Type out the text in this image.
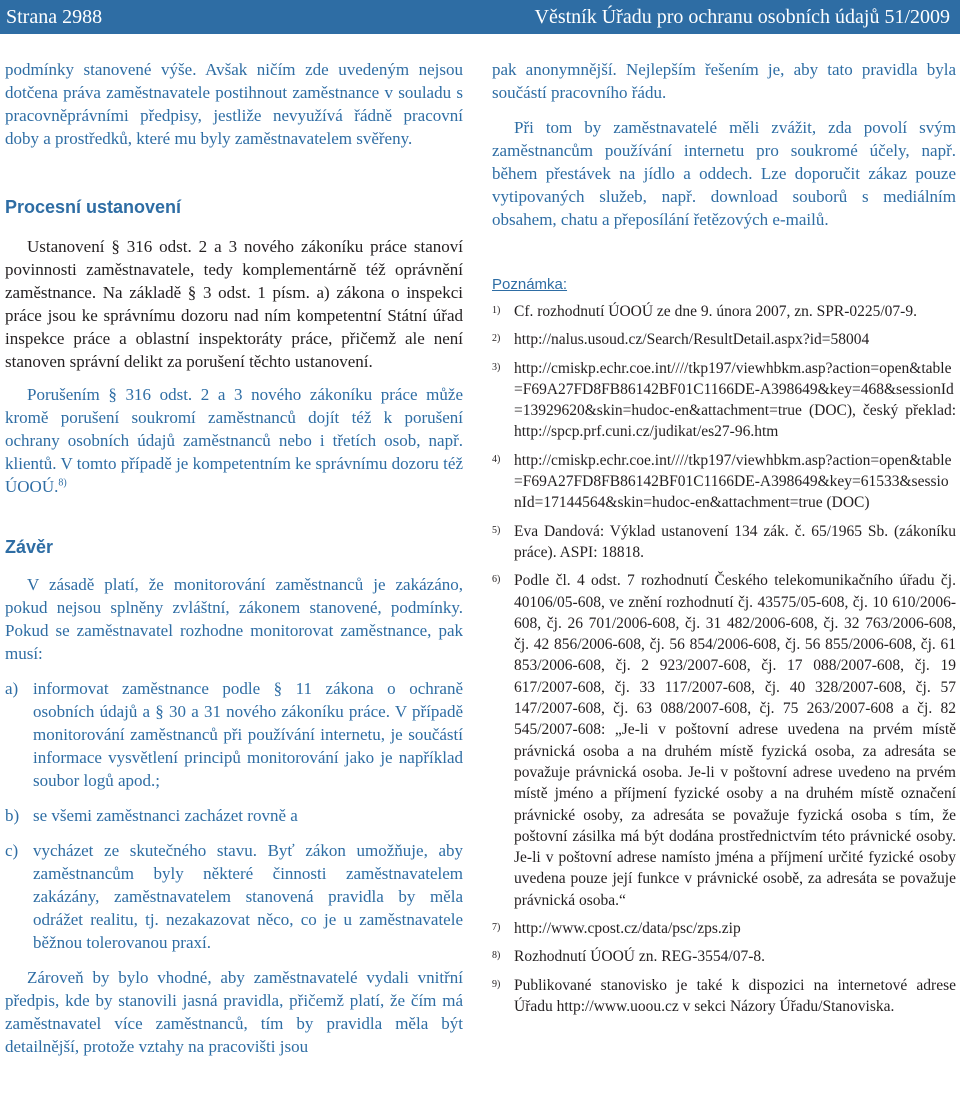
Strana 2988	Věstník Úřadu pro ochranu osobních údajů 51/2009

podmínky stanovené výše. Avšak ničím zde uvedeným nejsou dotčena práva zaměstnavatele postihnout zaměstnance v souladu s pracovněprávními předpisy, jestliže nevyužívá řádně pracovní doby a prostředků, které mu byly zaměstnavatelem svěřeny.

Procesní ustanovení

Ustanovení § 316 odst. 2 a 3 nového zákoníku práce stanoví povinnosti zaměstnavatele, tedy komplementárně též oprávnění zaměstnance. Na základě § 3 odst. 1 písm. a) zákona o inspekci práce jsou ke správnímu dozoru nad ním kompetentní Státní úřad inspekce práce a oblastní inspektoráty práce, přičemž ale není stanoven správní delikt za porušení těchto ustanovení.

Porušením § 316 odst. 2 a 3 nového zákoníku práce může kromě porušení soukromí zaměstnanců dojít též k porušení ochrany osobních údajů zaměstnanců nebo i třetích osob, např. klientů. V tomto případě je kompetentním ke správnímu dozoru též ÚOOÚ.$^{8)}$

Závěr

V zásadě platí, že monitorování zaměstnanců je zakázáno, pokud nejsou splněny zvláštní, zákonem stanovené, podmínky. Pokud se zaměstnavatel rozhodne monitorovat zaměstnance, pak musí:

a) informovat zaměstnance podle § 11 zákona o ochraně osobních údajů a § 30 a 31 nového zákoníku práce. V případě monitorování zaměstnanců při používání internetu, je součástí informace vysvětlení principů monitorování jako je například soubor logů apod.;
b) se všemi zaměstnanci zacházet rovně a
c) vycházet ze skutečného stavu. Byť zákon umožňuje, aby zaměstnancům byly některé činnosti zaměstnavatelem zakázány, zaměstnavatelem stanovená pravidla by měla odrážet realitu, tj. nezakazovat něco, co je u zaměstnavatele běžnou tolerovanou praxí.

Zároveň by bylo vhodné, aby zaměstnavatelé vydali vnitřní předpis, kde by stanovili jasná pravidla, přičemž platí, že čím má zaměstnavatel více zaměstnanců, tím by pravidla měla být detailnější, protože vztahy na pracovišti jsou

pak anonymnější. Nejlepším řešením je, aby tato pravidla byla součástí pracovního řádu.

Při tom by zaměstnavatelé měli zvážit, zda povolí svým zaměstnancům používání internetu pro soukromé účely, např. během přestávek na jídlo a oddech. Lze doporučit zákaz pouze vytipovaných služeb, např. download souborů s mediálním obsahem, chatu a přeposílání řetězových e-mailů.

Poznámka:
1) Cf. rozhodnutí ÚOOÚ ze dne 9. února 2007, zn. SPR-0225/07-9.
2) http://nalus.usoud.cz/Search/ResultDetail.aspx?id=58004
3) http://cmiskp.echr.coe.int////tkp197/viewhbkm.asp?action=open&table=F69A27FD8FB86142BF01C1166DE-A398649&key=468&sessionId=13929620&skin=hudoc-en&attachment=true (DOC), český překlad: http://spcp.prf.cuni.cz/judikat/es27-96.htm
4) http://cmiskp.echr.coe.int////tkp197/viewhbkm.asp?action=open&table=F69A27FD8FB86142BF01C1166DE-A398649&key=61533&sessionId=17144564&skin=hudoc-en&attachment=true (DOC)
5) Eva Dandová: Výklad ustanovení 134 zák. č. 65/1965 Sb. (zákoníku práce). ASPI: 18818.
6) Podle čl. 4 odst. 7 rozhodnutí Českého telekomunikačního úřadu čj. 40106/05-608, ve znění rozhodnutí čj. 43575/05-608, čj. 10 610/2006-608, čj. 26 701/2006-608, čj. 31 482/2006-608, čj. 32 763/2006-608, čj. 42 856/2006-608, čj. 56 854/2006-608, čj. 56 855/2006-608, čj. 61 853/2006-608, čj. 2 923/2007-608, čj. 17 088/2007-608, čj. 19 617/2007-608, čj. 33 117/2007-608, čj. 40 328/2007-608, čj. 57 147/2007-608, čj. 63 088/2007-608, čj. 75 263/2007-608 a čj. 82 545/2007-608: „Je-li v poštovní adrese uvedena na prvém místě právnická osoba a na druhém místě fyzická osoba, za adresáta se považuje právnická osoba. Je-li v poštovní adrese uvedeno na prvém místě jméno a příjmení fyzické osoby a na druhém místě označení právnické osoby, za adresáta se považuje fyzická osoba s tím, že poštovní zásilka má být dodána prostřednictvím této právnické osoby. Je-li v poštovní adrese namísto jména a příjmení určité fyzické osoby uvedena pouze její funkce v právnické osobě, za adresáta se považuje právnická osoba.“
7) http://www.cpost.cz/data/psc/zps.zip
8) Rozhodnutí ÚOOÚ zn. REG-3554/07-8.
9) Publikované stanovisko je také k dispozici na internetové adrese Úřadu http://www.uoou.cz v sekci Názory Úřadu/Stanoviska.
